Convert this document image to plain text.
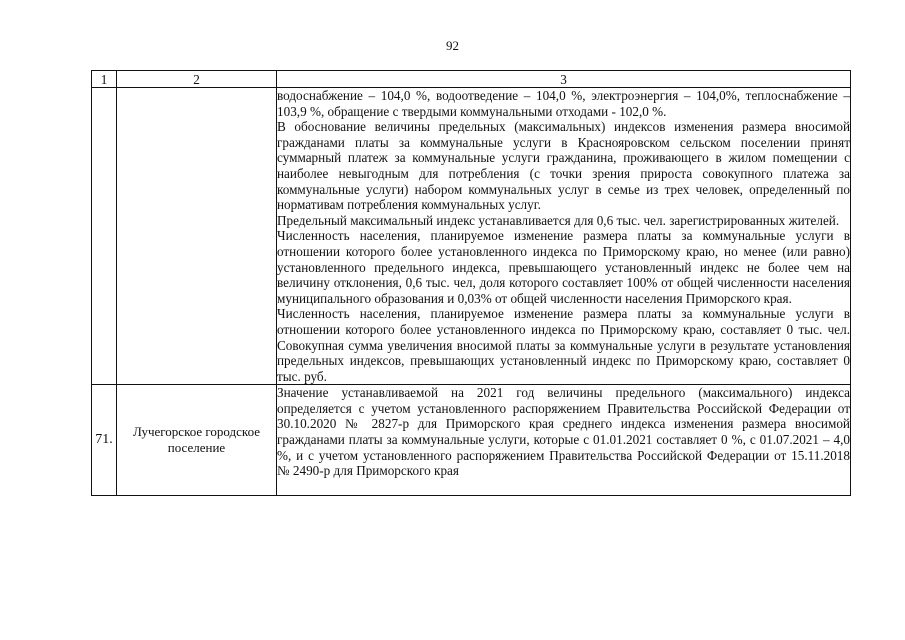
92
1	2	3

		водоснабжение – 104,0 %, водоотведение – 104,0 %, электроэнергия – 104,0%, теплоснабжение – 103,9 %, обращение с твердыми коммунальными отходами - 102,0 %.

В обоснование величины предельных (максимальных) индексов изменения размера вносимой гражданами платы за коммунальные услуги в Краснояровском сельском поселении принят суммарный платеж за коммунальные услуги гражданина, проживающего в жилом помещении с наиболее невыгодным для потребления (с точки зрения прироста совокупного платежа за коммунальные услуги) набором коммунальных услуг в семье из трех человек, определенный по нормативам потребления коммунальных услуг.

Предельный максимальный индекс устанавливается для 0,6 тыс. чел. зарегистрированных жителей.

Численность населения, планируемое изменение размера платы за коммунальные услуги в отношении которого более установленного индекса по Приморскому краю, но менее (или равно) установленного предельного индекса, превышающего установленный индекс не более чем на величину отклонения, 0,6 тыс. чел, доля которого составляет 100% от общей численности населения муниципального образования и 0,03% от общей численности населения Приморского края.

Численность населения, планируемое изменение размера платы за коммунальные услуги в отношении которого более установленного индекса по Приморскому краю, составляет 0 тыс. чел. Совокупная сумма увеличения вносимой платы за коммунальные услуги в результате установления предельных индексов, превышающих установленный индекс по Приморскому краю, составляет 0 тыс. руб.

71.	Лучегорское городское поселение	Значение устанавливаемой на 2021 год величины предельного (максимального) индекса определяется с учетом установленного распоряжением Правительства Российской Федерации от 30.10.2020 № 2827-р для Приморского края среднего индекса изменения размера вносимой гражданами платы за коммунальные услуги, которые с 01.01.2021 составляет 0 %, с 01.07.2021 – 4,0 %, и с учетом установленного распоряжением Правительства Российской Федерации от 15.11.2018 № 2490-р для Приморского края
